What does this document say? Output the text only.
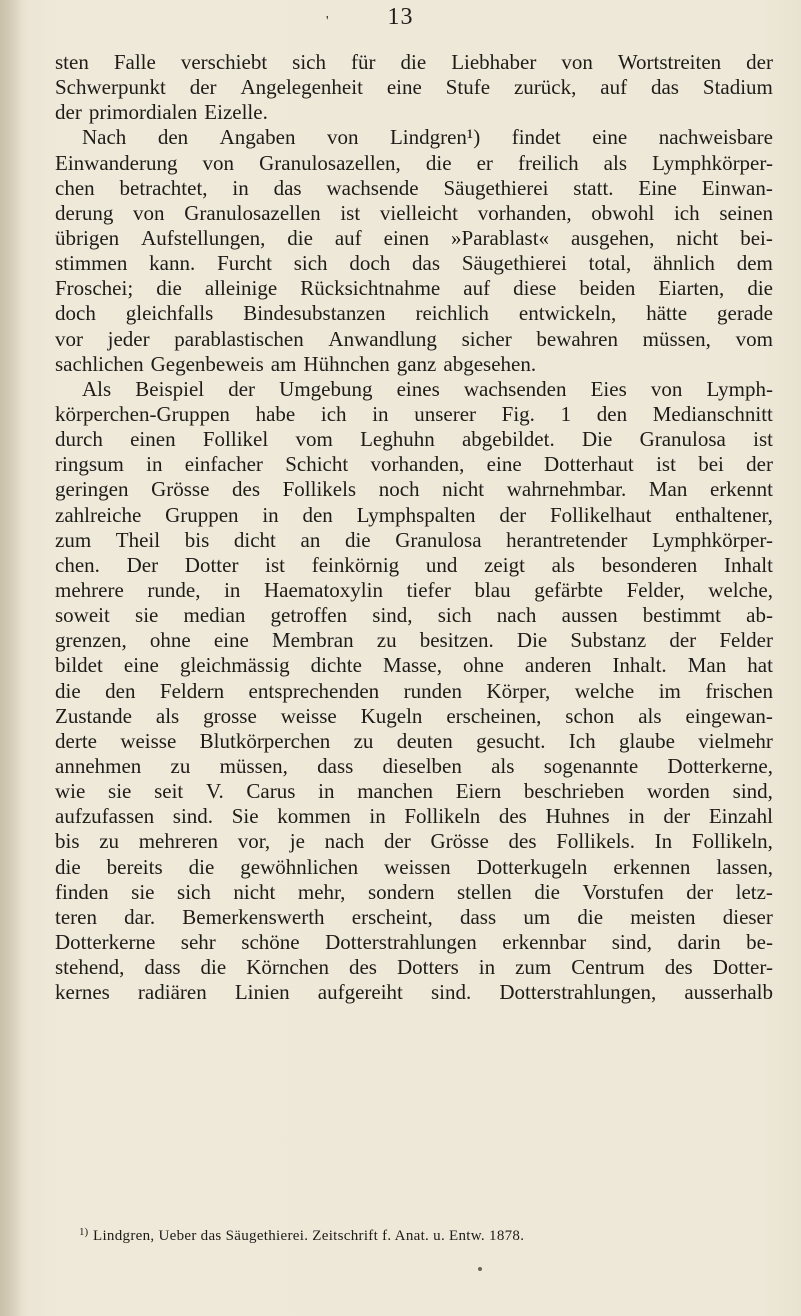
' 13
sten Falle verschiebt sich für die Liebhaber von Wortstreiten der
Schwerpunkt der Angelegenheit eine Stufe zurück, auf das Stadium
der primordialen Eizelle.
Nach den Angaben von Lindgren¹) findet eine nachweisbare
Einwanderung von Granulosazellen, die er freilich als Lymphkörper-
chen betrachtet, in das wachsende Säugethierei statt. Eine Einwan-
derung von Granulosazellen ist vielleicht vorhanden, obwohl ich seinen
übrigen Aufstellungen, die auf einen »Parablast« ausgehen, nicht bei-
stimmen kann. Furcht sich doch das Säugethierei total, ähnlich dem
Froschei; die alleinige Rücksichtnahme auf diese beiden Eiarten, die
doch gleichfalls Bindesubstanzen reichlich entwickeln, hätte gerade
vor jeder parablastischen Anwandlung sicher bewahren müssen, vom
sachlichen Gegenbeweis am Hühnchen ganz abgesehen.
Als Beispiel der Umgebung eines wachsenden Eies von Lymph-
körperchen-Gruppen habe ich in unserer Fig. 1 den Medianschnitt
durch einen Follikel vom Leghuhn abgebildet. Die Granulosa ist
ringsum in einfacher Schicht vorhanden, eine Dotterhaut ist bei der
geringen Grösse des Follikels noch nicht wahrnehmbar. Man erkennt
zahlreiche Gruppen in den Lymphspalten der Follikelhaut enthaltener,
zum Theil bis dicht an die Granulosa herantretender Lymphkörper-
chen. Der Dotter ist feinkörnig und zeigt als besonderen Inhalt
mehrere runde, in Haematoxylin tiefer blau gefärbte Felder, welche,
soweit sie median getroffen sind, sich nach aussen bestimmt ab-
grenzen, ohne eine Membran zu besitzen. Die Substanz der Felder
bildet eine gleichmässig dichte Masse, ohne anderen Inhalt. Man hat
die den Feldern entsprechenden runden Körper, welche im frischen
Zustande als grosse weisse Kugeln erscheinen, schon als eingewan-
derte weisse Blutkörperchen zu deuten gesucht. Ich glaube vielmehr
annehmen zu müssen, dass dieselben als sogenannte Dotterkerne,
wie sie seit V. Carus in manchen Eiern beschrieben worden sind,
aufzufassen sind. Sie kommen in Follikeln des Huhnes in der Einzahl
bis zu mehreren vor, je nach der Grösse des Follikels. In Follikeln,
die bereits die gewöhnlichen weissen Dotterkugeln erkennen lassen,
finden sie sich nicht mehr, sondern stellen die Vorstufen der letz-
teren dar. Bemerkenswerth erscheint, dass um die meisten dieser
Dotterkerne sehr schöne Dotterstrahlungen erkennbar sind, darin be-
stehend, dass die Körnchen des Dotters in zum Centrum des Dotter-
kernes radiären Linien aufgereiht sind. Dotterstrahlungen, ausserhalb
1) Lindgren, Ueber das Säugethierei. Zeitschrift f. Anat. u. Entw. 1878.
